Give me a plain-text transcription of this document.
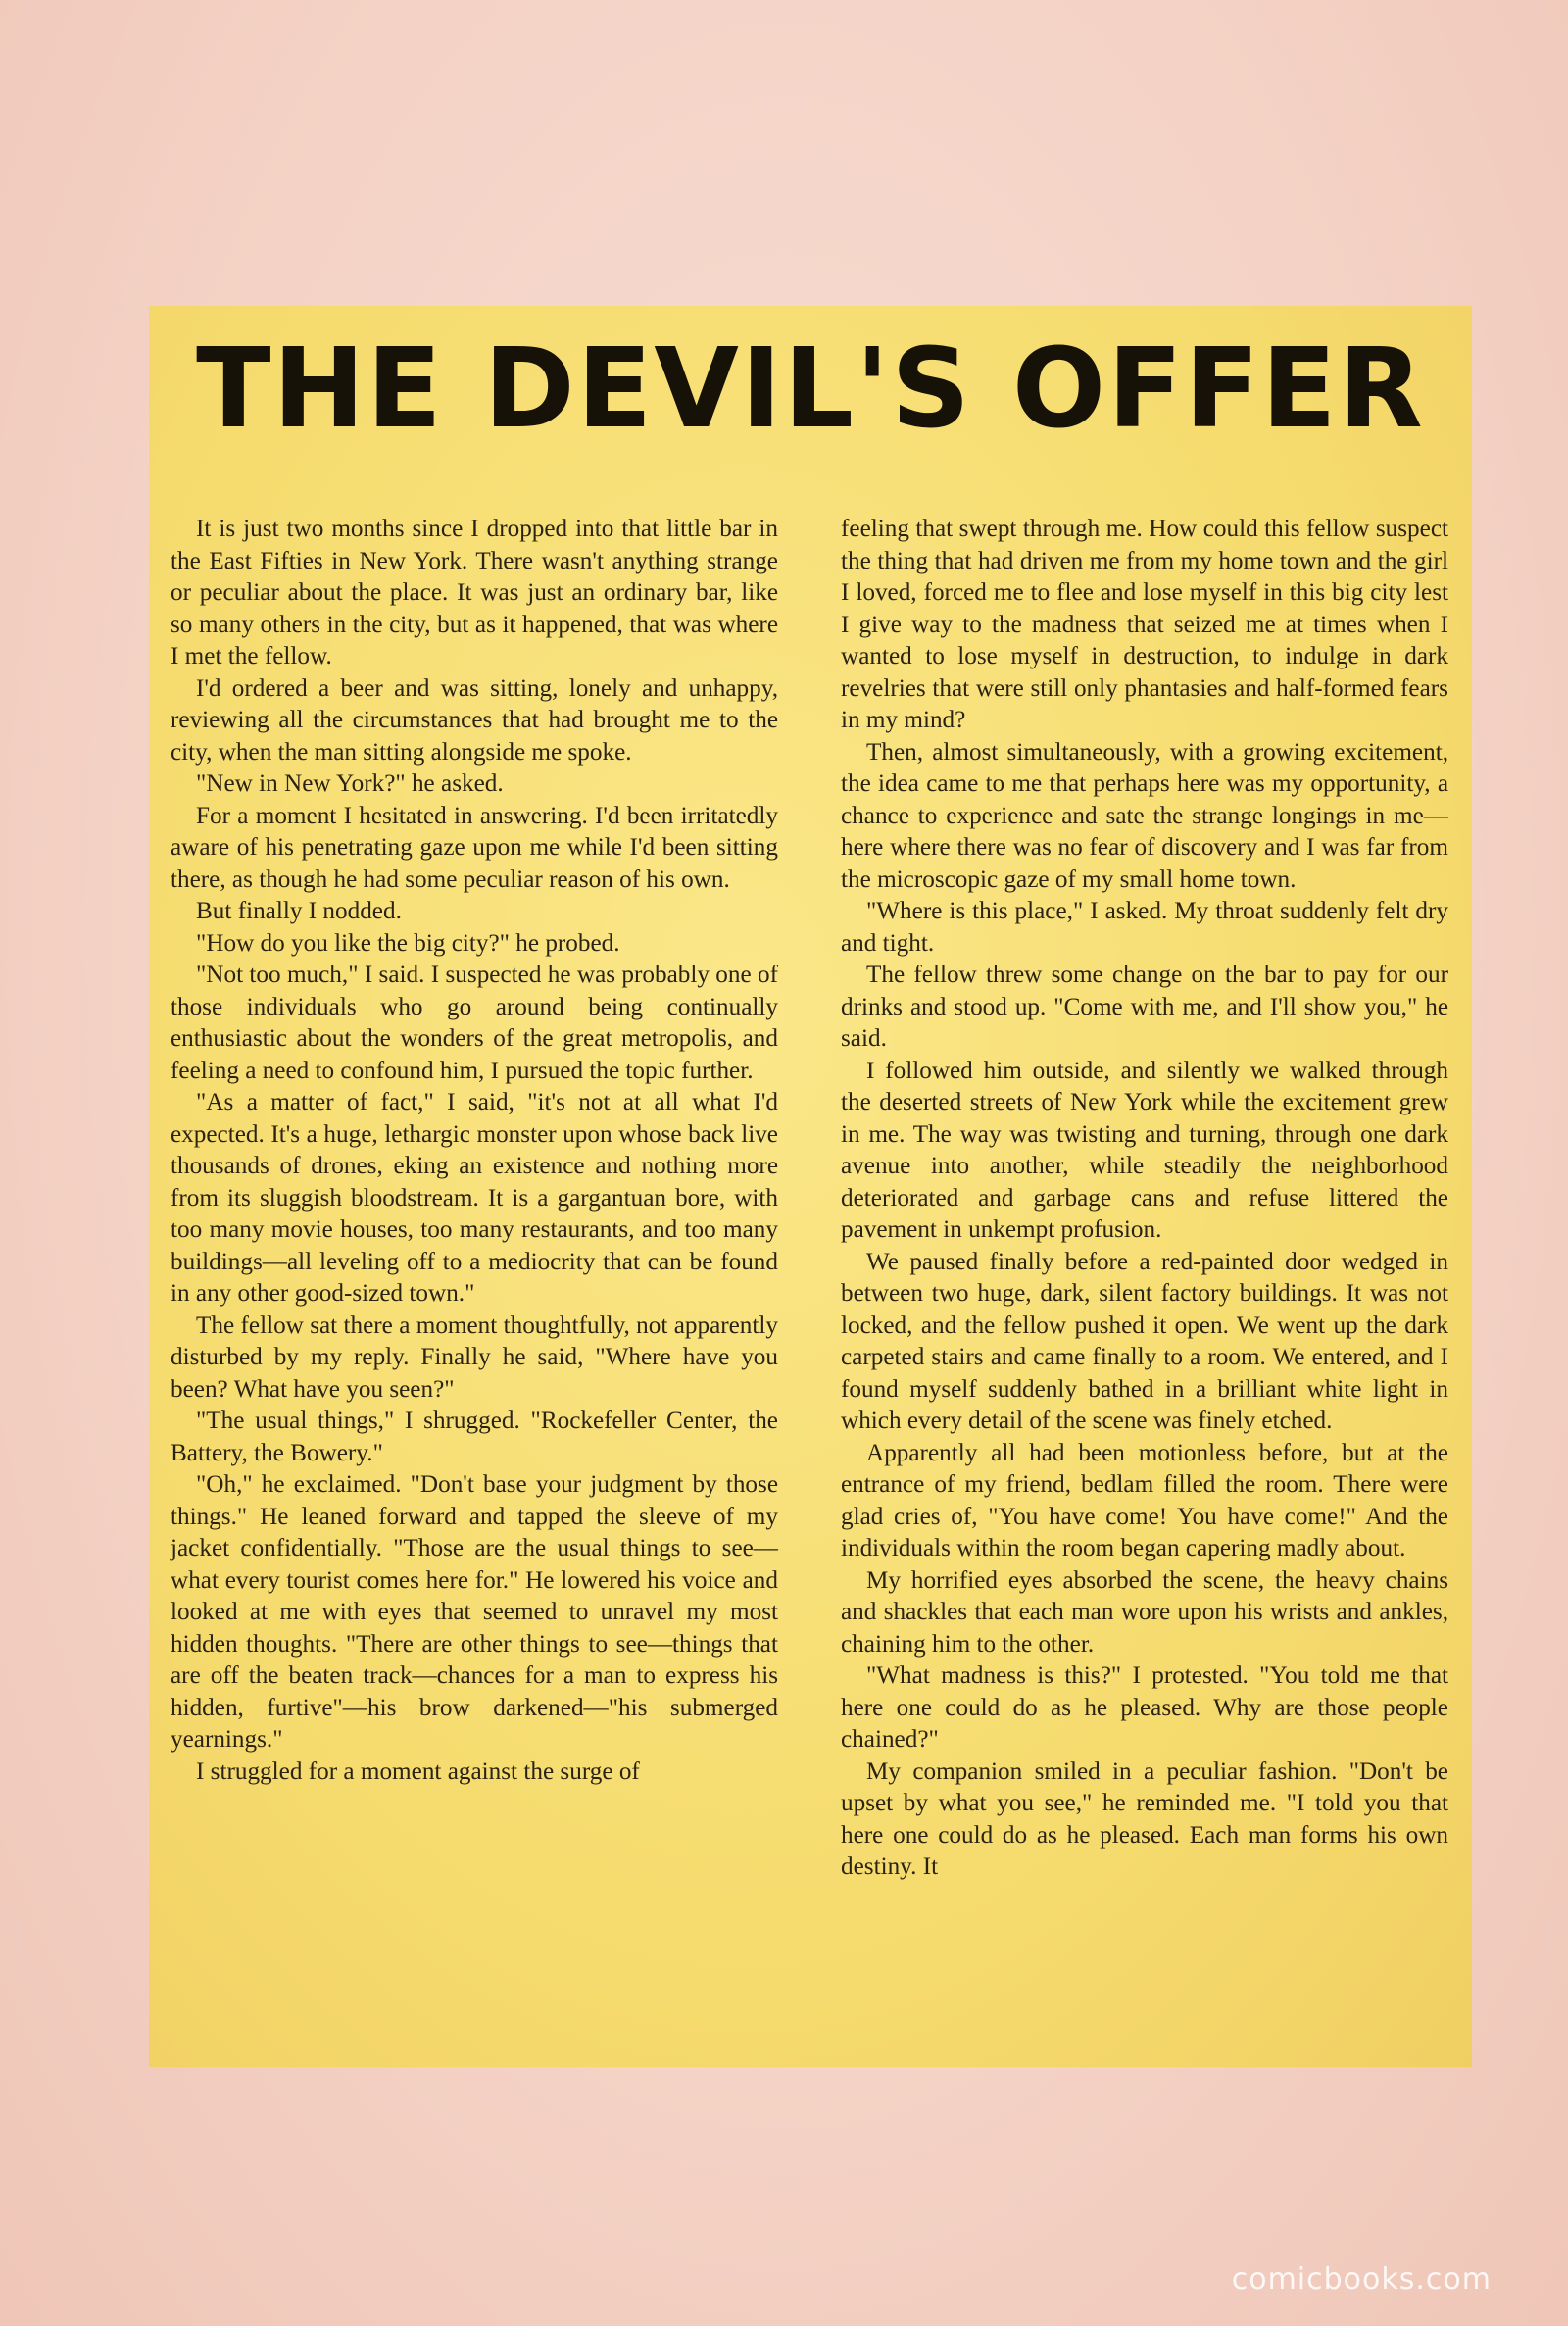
THE DEVIL'S OFFER

It is just two months since I dropped into that little bar in the East Fifties in New York. There wasn't anything strange or peculiar about the place. It was just an ordinary bar, like so many others in the city, but as it happened, that was where I met the fellow.

I'd ordered a beer and was sitting, lonely and unhappy, reviewing all the circumstances that had brought me to the city, when the man sitting alongside me spoke.

"New in New York?" he asked.

For a moment I hesitated in answering. I'd been irritatedly aware of his penetrating gaze upon me while I'd been sitting there, as though he had some peculiar reason of his own.

But finally I nodded.

"How do you like the big city?" he probed.

"Not too much," I said. I suspected he was probably one of those individuals who go around being continually enthusiastic about the wonders of the great metropolis, and feeling a need to confound him, I pursued the topic further.

"As a matter of fact," I said, "it's not at all what I'd expected. It's a huge, lethargic monster upon whose back live thousands of drones, eking an existence and nothing more from its sluggish bloodstream. It is a gargantuan bore, with too many movie houses, too many restaurants, and too many buildings—all leveling off to a mediocrity that can be found in any other good-sized town."

The fellow sat there a moment thoughtfully, not apparently disturbed by my reply. Finally he said, "Where have you been? What have you seen?"

"The usual things," I shrugged. "Rockefeller Center, the Battery, the Bowery."

"Oh," he exclaimed. "Don't base your judgment by those things." He leaned forward and tapped the sleeve of my jacket confidentially. "Those are the usual things to see—what every tourist comes here for." He lowered his voice and looked at me with eyes that seemed to unravel my most hidden thoughts. "There are other things to see—things that are off the beaten track—chances for a man to express his hidden, furtive"—his brow darkened—"his submerged yearnings."

I struggled for a moment against the surge of

feeling that swept through me. How could this fellow suspect the thing that had driven me from my home town and the girl I loved, forced me to flee and lose myself in this big city lest I give way to the madness that seized me at times when I wanted to lose myself in destruction, to indulge in dark revelries that were still only phantasies and half-formed fears in my mind?

Then, almost simultaneously, with a growing excitement, the idea came to me that perhaps here was my opportunity, a chance to experience and sate the strange longings in me—here where there was no fear of discovery and I was far from the microscopic gaze of my small home town.

"Where is this place," I asked. My throat suddenly felt dry and tight.

The fellow threw some change on the bar to pay for our drinks and stood up. "Come with me, and I'll show you," he said.

I followed him outside, and silently we walked through the deserted streets of New York while the excitement grew in me. The way was twisting and turning, through one dark avenue into another, while steadily the neighborhood deteriorated and garbage cans and refuse littered the pavement in unkempt profusion.

We paused finally before a red-painted door wedged in between two huge, dark, silent factory buildings. It was not locked, and the fellow pushed it open. We went up the dark carpeted stairs and came finally to a room. We entered, and I found myself suddenly bathed in a brilliant white light in which every detail of the scene was finely etched.

Apparently all had been motionless before, but at the entrance of my friend, bedlam filled the room. There were glad cries of, "You have come! You have come!" And the individuals within the room began capering madly about.

My horrified eyes absorbed the scene, the heavy chains and shackles that each man wore upon his wrists and ankles, chaining him to the other.

"What madness is this?" I protested. "You told me that here one could do as he pleased. Why are those people chained?"

My companion smiled in a peculiar fashion. "Don't be upset by what you see," he reminded me. "I told you that here one could do as he pleased. Each man forms his own destiny. It

comicbooks.com
